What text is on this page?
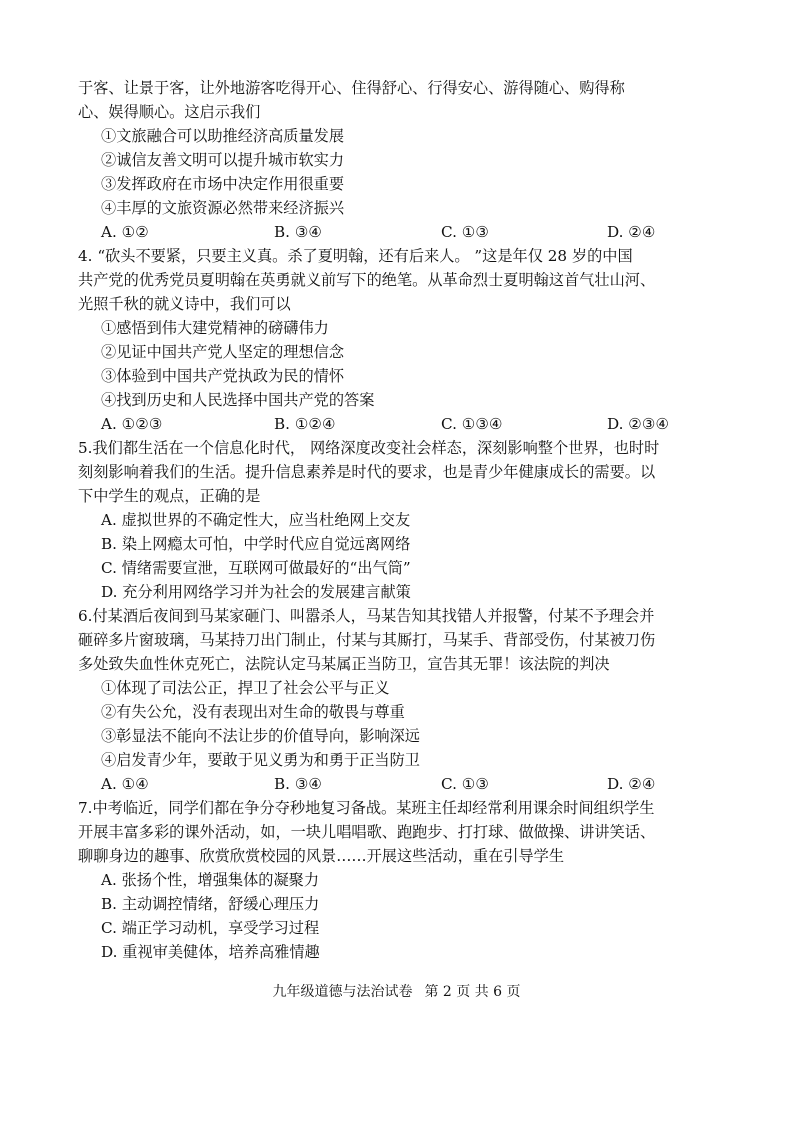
于客、让景于客，让外地游客吃得开心、住得舒心、行得安心、游得随心、购得称
心、娱得顺心。这启示我们
①文旅融合可以助推经济高质量发展
②诚信友善文明可以提升城市软实力
③发挥政府在市场中决定作用很重要
④丰厚的文旅资源必然带来经济振兴
A. ①②	B. ③④	C. ①③	D. ②④
4. “砍头不要紧，只要主义真。杀了夏明翰，还有后来人。 ”这是年仅 28 岁的中国
共产党的优秀党员夏明翰在英勇就义前写下的绝笔。从革命烈士夏明翰这首气壮山河、
光照千秋的就义诗中，我们可以
①感悟到伟大建党精神的磅礴伟力
②见证中国共产党人坚定的理想信念
③体验到中国共产党执政为民的情怀
④找到历史和人民选择中国共产党的答案
A. ①②③	B. ①②④	C. ①③④	D. ②③④
5.我们都生活在一个信息化时代， 网络深度改变社会样态，深刻影响整个世界，也时时
刻刻影响着我们的生活。提升信息素养是时代的要求，也是青少年健康成长的需要。以
下中学生的观点，正确的是
A. 虚拟世界的不确定性大，应当杜绝网上交友
B. 染上网瘾太可怕，中学时代应自觉远离网络
C. 情绪需要宣泄，互联网可做最好的“出气筒”
D. 充分利用网络学习并为社会的发展建言献策
6.付某酒后夜间到马某家砸门、叫嚣杀人，马某告知其找错人并报警，付某不予理会并
砸碎多片窗玻璃，马某持刀出门制止，付某与其厮打，马某手、背部受伤，付某被刀伤
多处致失血性休克死亡，法院认定马某属正当防卫，宣告其无罪！该法院的判决
①体现了司法公正，捍卫了社会公平与正义
②有失公允，没有表现出对生命的敬畏与尊重
③彰显法不能向不法让步的价值导向，影响深远
④启发青少年，要敢于见义勇为和勇于正当防卫
A. ①④	B. ③④	C. ①③	D. ②④
7.中考临近，同学们都在争分夺秒地复习备战。某班主任却经常利用课余时间组织学生
开展丰富多彩的课外活动，如，一块儿唱唱歌、跑跑步、打打球、做做操、讲讲笑话、
聊聊身边的趣事、欣赏欣赏校园的风景……开展这些活动，重在引导学生
A. 张扬个性，增强集体的凝聚力
B. 主动调控情绪，舒缓心理压力
C. 端正学习动机，享受学习过程
D. 重视审美健体，培养高雅情趣
九年级道德与法治试卷 第 2 页 共 6 页
